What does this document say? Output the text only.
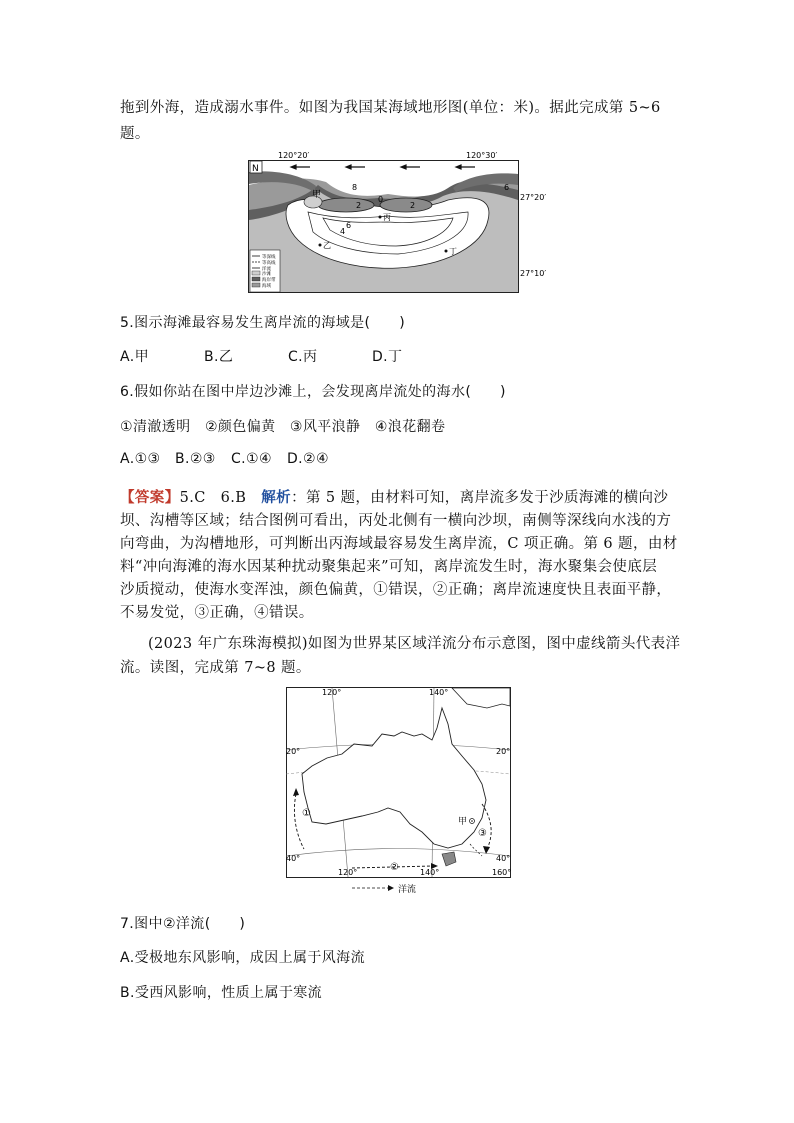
拖到外海，造成溺水事件。如图为我国某海域地形图(单位：米)。据此完成第 5~6
题。
N
120°20′	120°30′
27°20′
27°10′
8	6
2
0
2
4
6
甲
丙
乙
丁
等深线
等高线
洋流
沙滩
海岸带
海域
5.图示海滩最容易发生离岸流的海域是(　　)
A.甲	B.乙	C.丙	D.丁
6.假如你站在图中岸边沙滩上，会发现离岸流处的海水(　　)
①清澈透明　②颜色偏黄　③风平浪静　④浪花翻卷
A.①③ B.②③ C.①④ D.②④
【答案】5.C　6.B　 解析：第 5 题，由材料可知，离岸流多发于沙质海滩的横向沙
坝、沟槽等区域；结合图例可看出，丙处北侧有一横向沙坝，南侧等深线向水浅的方
向弯曲，为沟槽地形，可判断出丙海域最容易发生离岸流，C 项正确。第 6 题，由材
料“冲向海滩的海水因某种扰动聚集起来”可知，离岸流发生时，海水聚集会使底层
沙质搅动，使海水变浑浊，颜色偏黄，①错误，②正确；离岸流速度快且表面平静，
不易发觉，③正确，④错误。
(2023 年广东珠海模拟)如图为世界某区域洋流分布示意图，图中虚线箭头代表洋
流。读图，完成第 7~8 题。
120°	140°
20°	20°
40°	40°
120°	140°	160°
①
②
③
甲
洋流
7.图中②洋流(　　)
A.受极地东风影响，成因上属于风海流
B.受西风影响，性质上属于寒流
